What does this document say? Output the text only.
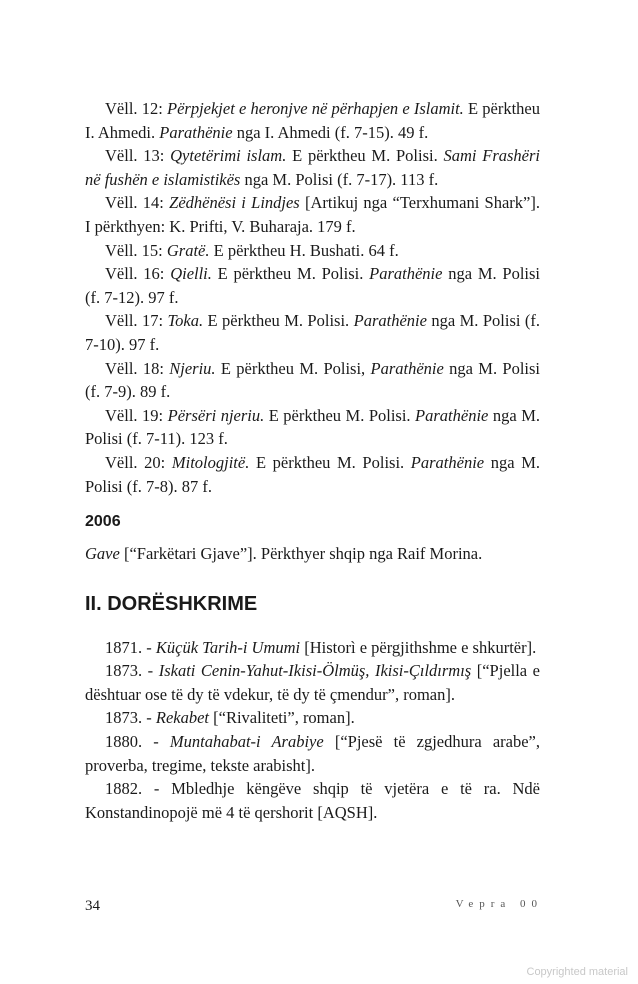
Vëll. 12: Përpjekjet e heronjve në përhapjen e Islamit. E përktheu I. Ahmedi. Parathënie nga I. Ahmedi (f. 7-15). 49 f.

Vëll. 13: Qytetërimi islam. E përktheu M. Polisi. Sami Frashëri në fushën e islamistikës nga M. Polisi (f. 7-17). 113 f.

Vëll. 14: Zëdhënësi i Lindjes [Artikuj nga “Terxhumani Shark”]. I përkthyen: K. Prifti, V. Buharaja. 179 f.

Vëll. 15: Gratë. E përktheu H. Bushati. 64 f.

Vëll. 16: Qielli. E përktheu M. Polisi. Parathënie nga M. Polisi (f. 7-12). 97 f.

Vëll. 17: Toka. E përktheu M. Polisi. Parathënie nga M. Polisi (f. 7-10). 97 f.

Vëll. 18: Njeriu. E përktheu M. Polisi, Parathënie nga M. Polisi (f. 7-9). 89 f.

Vëll. 19: Përsëri njeriu. E përktheu M. Polisi. Parathënie nga M. Polisi (f. 7-11). 123 f.

Vëll. 20: Mitologjitë. E përktheu M. Polisi. Parathënie nga M. Polisi (f. 7-8). 87 f.

2006

Gave [“Farkëtari Gjave”]. Përkthyer shqip nga Raif Morina.

II. DORËSHKRIME

1871. - Küçük Tarih-i Umumi [Historì e përgjithshme e shkurtër].

1873. - Iskati Cenin-Yahut-Ikisi-Ölmüş, Ikisi-Çıldırmış [“Pjella e dështuar ose të dy të vdekur, të dy të çmendur”, roman].

1873. - Rekabet [“Rivaliteti”, roman].

1880. - Muntahabat-i Arabiye [“Pjesë të zgjedhura arabe”, proverba, tregime, tekste arabisht].

1882. - Mbledhje këngëve shqip të vjetëra e të ra. Ndë Konstandinopojë më 4 të qershorit [AQSH].

34	Vepra 00
Copyrighted material
